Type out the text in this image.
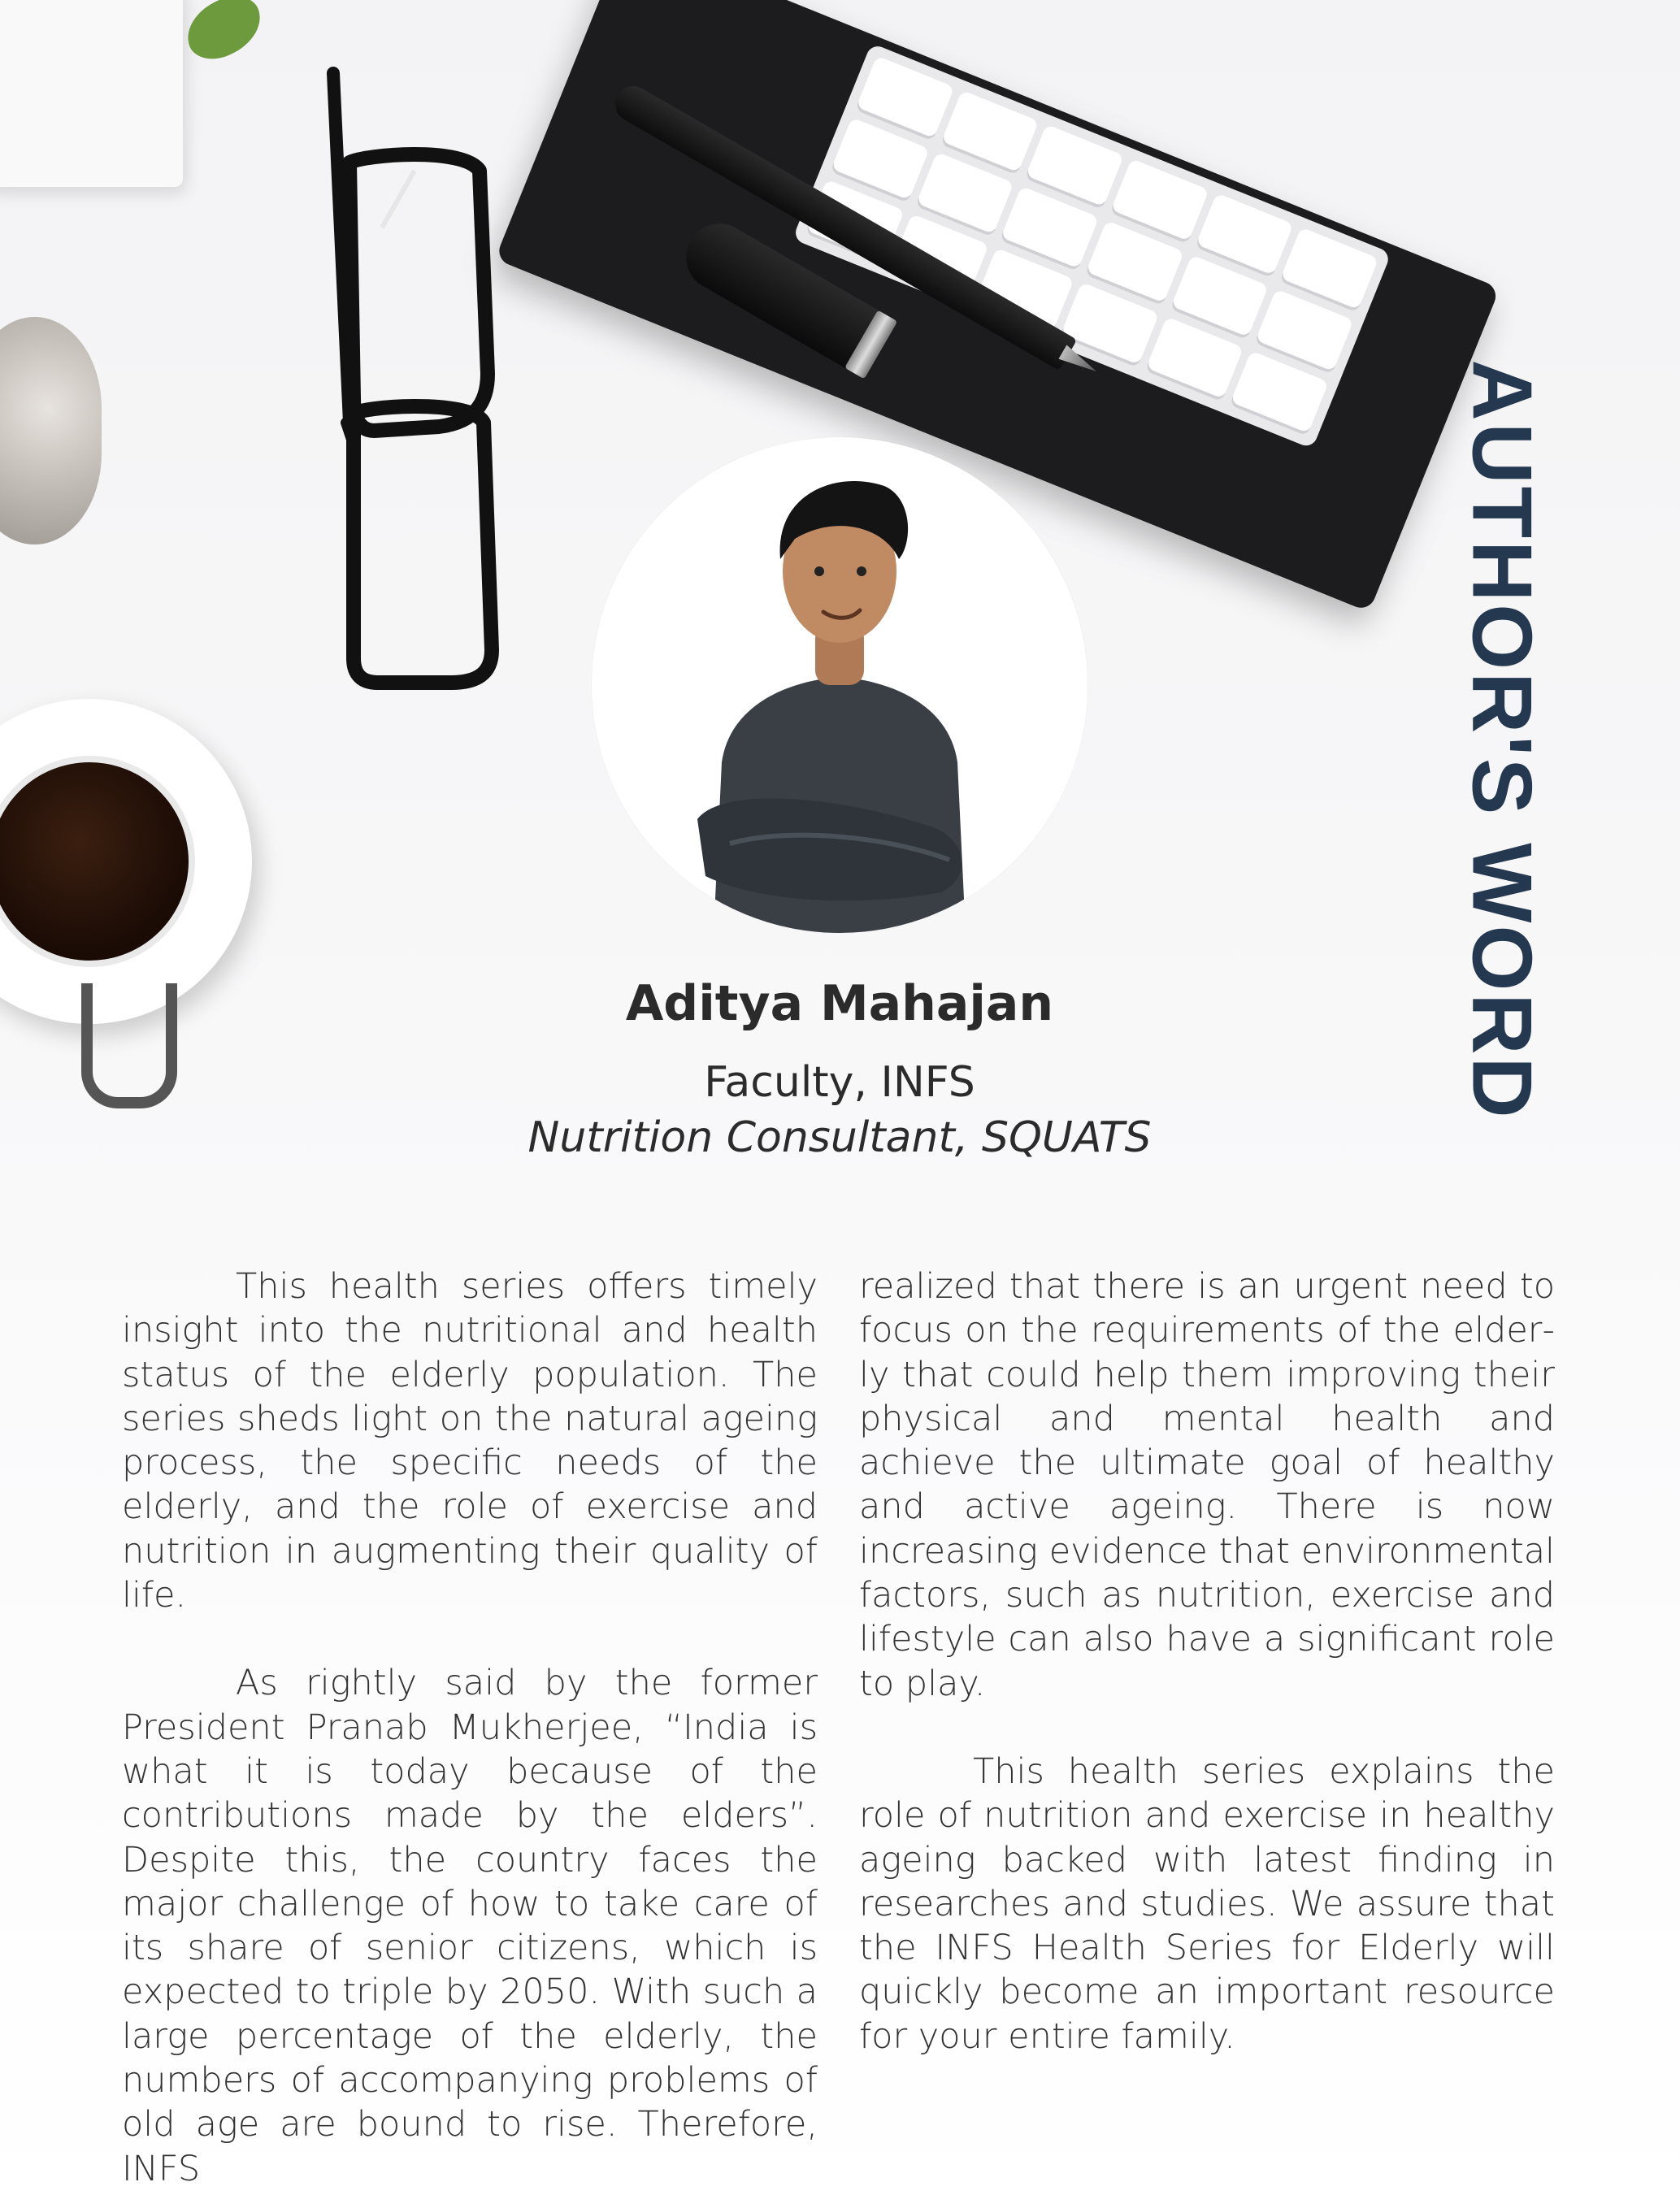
AUTHOR'S WORD
Aditya Mahajan
Faculty, INFS
Nutrition Consultant, SQUATS

This health series offers timely insight into the nutritional and health status of the elderly population. The series sheds light on the natural ageing process, the specific needs of the elderly, and the role of exercise and nutrition in augmenting their quality of life.

As rightly said by the former President Pranab Mukherjee, “India is what it is today because of the contributions made by the elders”. Despite this, the country faces the major challenge of how to take care of its share of senior citizens, which is expected to triple by 2050. With such a large percentage of the elderly, the numbers of accompanying problems of old age are bound to rise. Therefore, INFS

realized that there is an urgent need to focus on the requirements of the elderly that could help them improving their physical and mental health and achieve the ultimate goal of healthy and active ageing. There is now increasing evidence that environmental factors, such as nutrition, exercise and lifestyle can also have a significant role to play.

This health series explains the role of nutrition and exercise in healthy ageing backed with latest finding in researches and studies. We assure that the INFS Health Series for Elderly will quickly become an important resource for your entire family.
